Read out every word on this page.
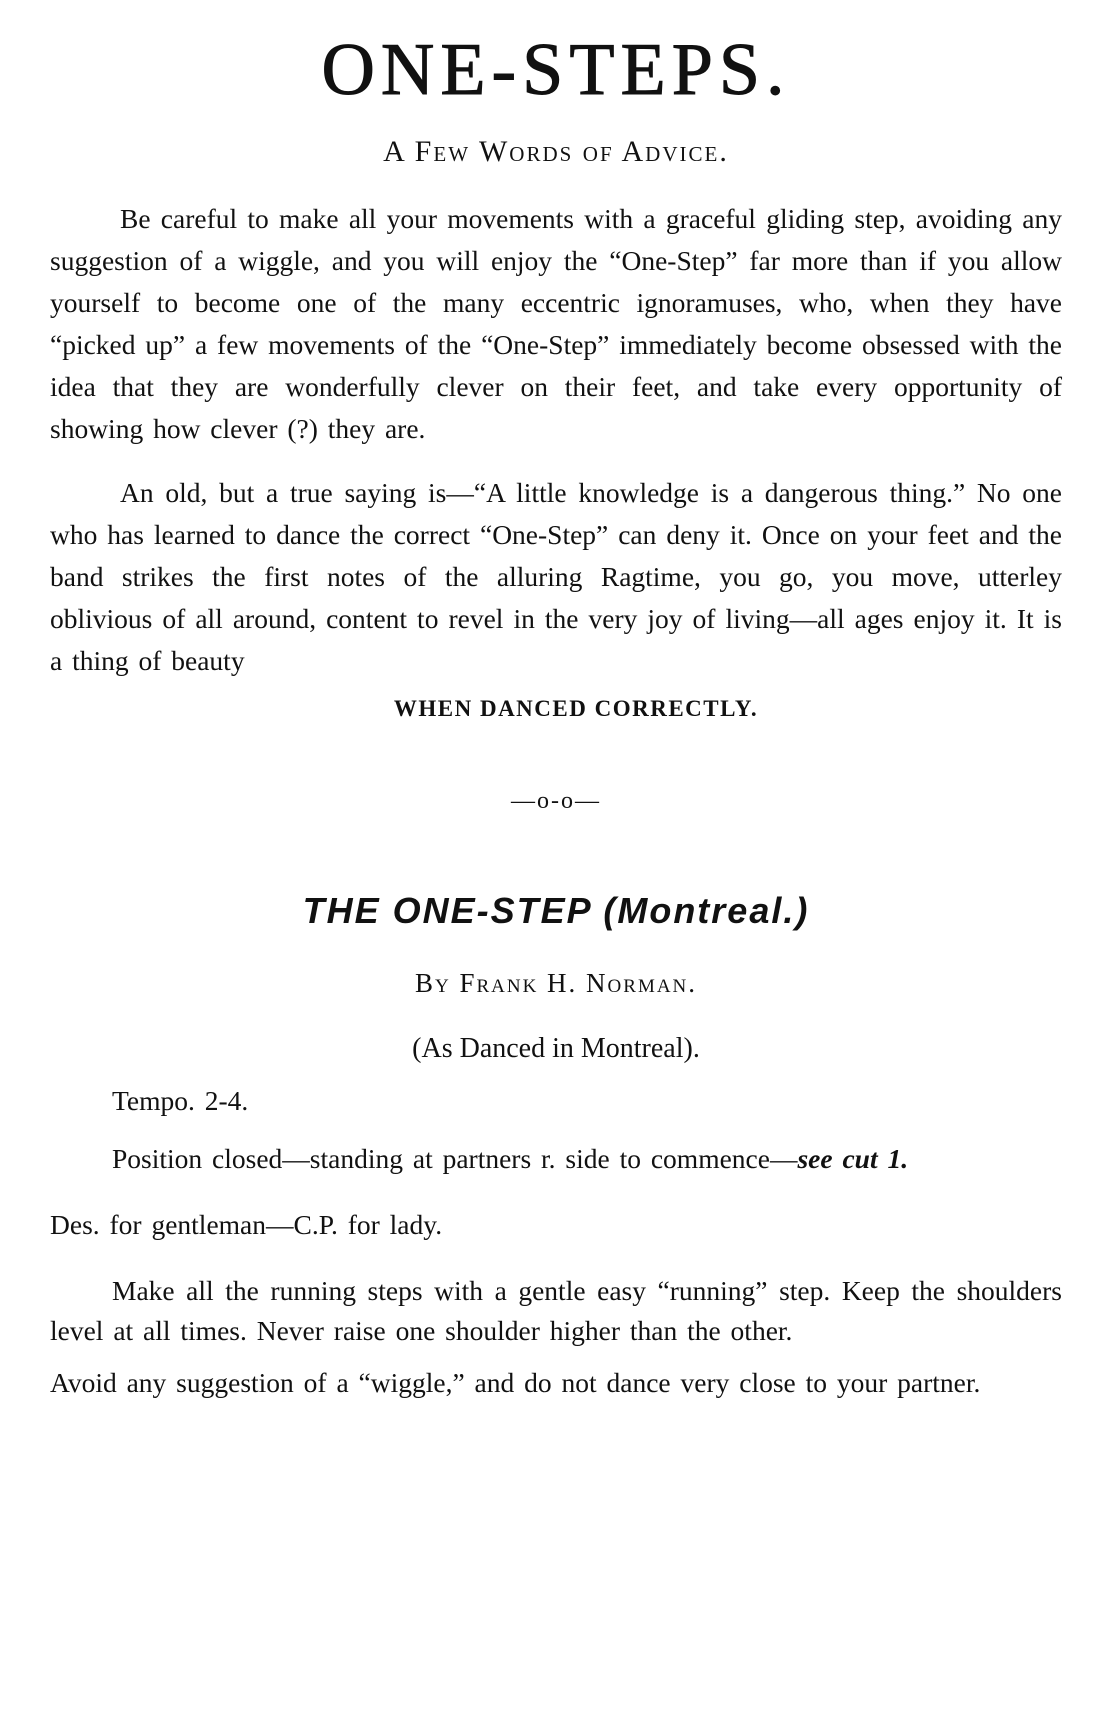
ONE-STEPS.
A Few Words of Advice.

Be careful to make all your movements with a graceful gliding step, avoiding any suggestion of a wiggle, and you will enjoy the “One-Step” far more than if you allow yourself to become one of the many eccentric ignoramuses, who, when they have “picked up” a few movements of the “One-Step” immediately become obsessed with the idea that they are wonderfully clever on their feet, and take every opportunity of showing how clever (?) they are.

An old, but a true saying is—“A little knowledge is a dangerous thing.” No one who has learned to dance the correct “One-Step” can deny it. Once on your feet and the band strikes the first notes of the alluring Ragtime, you go, you move, utterley oblivious of all around, content to revel in the very joy of living—all ages enjoy it. It is a thing of beauty

WHEN DANCED CORRECTLY.
—o-o—
THE ONE-STEP (Montreal.)
By Frank H. Norman.
(As Danced in Montreal).

Tempo. 2-4.

Position closed—standing at partners r. side to commence—see cut 1.

Des. for gentleman—C.P. for lady.

Make all the running steps with a gentle easy “running” step. Keep the shoulders level at all times. Never raise one shoulder higher than the other.

Avoid any suggestion of a “wiggle,” and do not dance very close to your partner.
